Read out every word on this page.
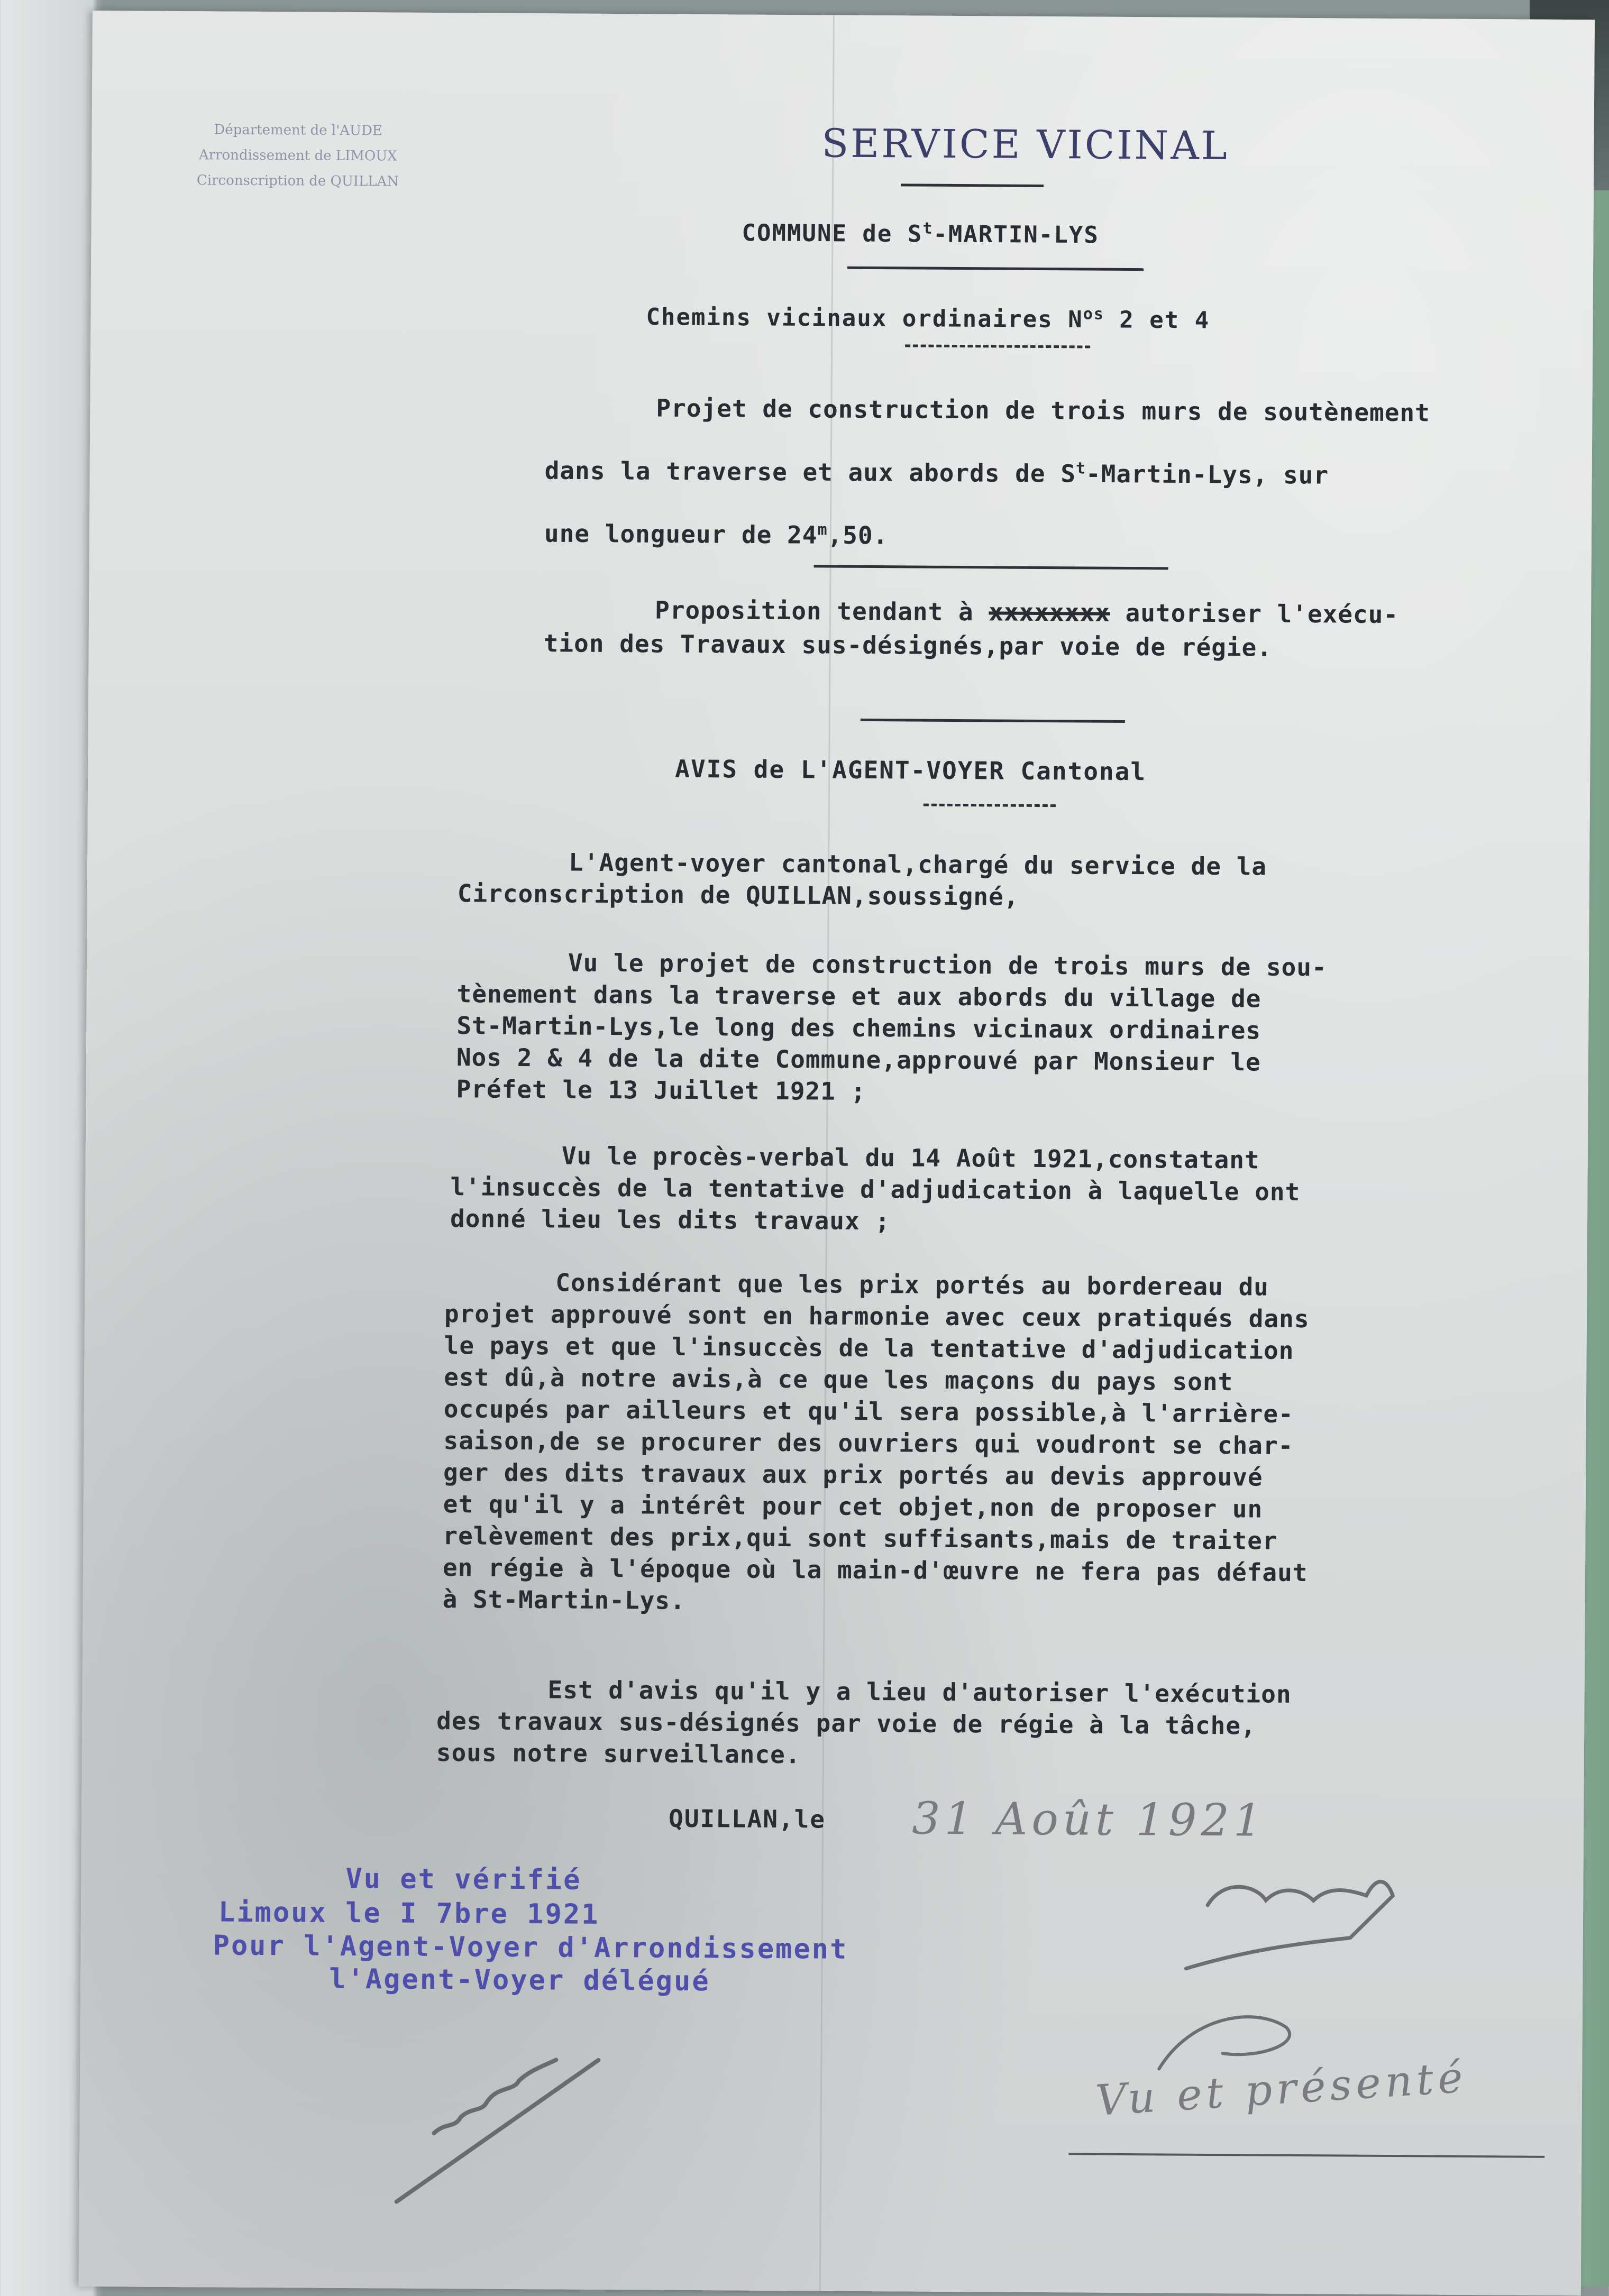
Département de l'AUDE
Arrondissement de LIMOUX
Circonscription de QUILLAN
SERVICE VICINAL
COMMUNE de $S^t-MARTIN$-LYS
Chemins vicinaux ordinaires $N^{os}$ 2 et 4
Projet de construction de trois murs de soutènement
dans la traverse et aux abords de $S^t-Martin$-Lys, sur
une longueur de 24$^m$,50.
Proposition tendant à xxxxxxxx autoriser l'exécu-
tion des Travaux sus-désignés,par voie de régie.
AVIS de L'AGENT-VOYER Cantonal
L'Agent-voyer cantonal,chargé du service de la
Circonscription de QUILLAN,soussigné,
Vu le projet de construction de trois murs de sou-
tènement dans la traverse et aux abords du village de
St-Martin-Lys,le long des chemins vicinaux ordinaires
Nos 2 & 4 de la dite Commune,approuvé par Monsieur le
Préfet le 13 Juillet 1921 ;
Vu le procès-verbal du 14 Août 1921,constatant
l'insuccès de la tentative d'adjudication à laquelle ont
donné lieu les dits travaux ;
Considérant que les prix portés au bordereau du
projet approuvé sont en harmonie avec ceux pratiqués dans
le pays et que l'insuccès de la tentative d'adjudication
est dû,à notre avis,à ce que les maçons du pays sont
occupés par ailleurs et qu'il sera possible,à l'arrière-
saison,de se procurer des ouvriers qui voudront se char-
ger des dits travaux aux prix portés au devis approuvé
et qu'il y a intérêt pour cet objet,non de proposer un
relèvement des prix,qui sont suffisants,mais de traiter
en régie à l'époque où la main-d'œuvre ne fera pas défaut
à St-Martin-Lys.
Est d'avis qu'il y a lieu d'autoriser l'exécution
des travaux sus-désignés par voie de régie à la tâche,
sous notre surveillance.
QUILLAN,le 31 Août 1921
Vu et vérifié
Limoux le I 7bre 1921
Pour l'Agent-Voyer d'Arrondissement
l'Agent-Voyer délégué
Vu et présenté
